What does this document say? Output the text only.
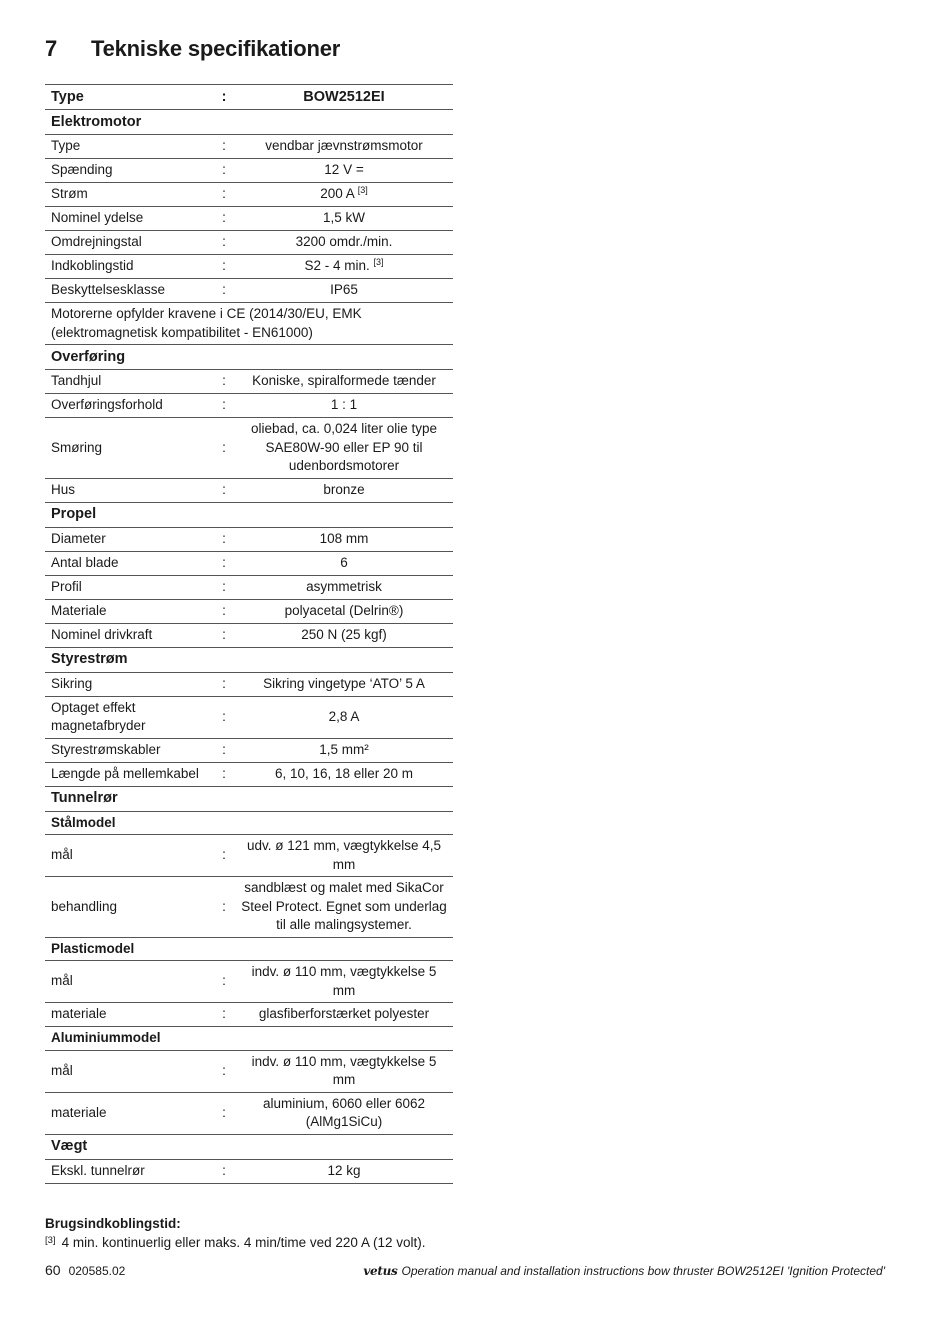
7 Tekniske specifikationer
Type	:	BOW2512EI
Elektromotor		
Type	:	vendbar jævnstrømsmotor
Spænding	:	12 V =
Strøm	:	200 A [3]
Nominel ydelse	:	1,5 kW
Omdrejningstal	:	3200 omdr./min.
Indkoblingstid	:	S2 - 4 min. [3]
Beskyttelsesklasse	:	IP65
Motorerne opfylder kravene i CE (2014/30/EU, EMK (elektromagnetisk kompatibilitet - EN61000)		
Overføring		
Tandhjul	:	Koniske, spiralformede tænder
Overføringsforhold	:	1 : 1
Smøring	:	oliebad, ca. 0,024 liter olie type SAE80W-90 eller EP 90 til udenbordsmotorer
Hus	:	bronze
Propel		
Diameter	:	108 mm
Antal blade	:	6
Profil	:	asymmetrisk
Materiale	:	polyacetal (Delrin®)
Nominel drivkraft	:	250 N (25 kgf)
Styrestrøm		
Sikring	:	Sikring vingetype ‘ATO’ 5 A
Optaget effekt magnetafbryder	:	2,8 A
Styrestrømskabler	:	1,5 mm²
Længde på mellemkabel	:	6, 10, 16, 18 eller 20 m
Tunnelrør		
Stålmodel		
mål	:	udv. ø 121 mm, vægtykkelse 4,5 mm
behandling	:	sandblæst og malet med SikaCor Steel Protect. Egnet som underlag til alle malingsystemer.
Plasticmodel		
mål	:	indv. ø 110 mm, vægtykkelse 5 mm
materiale	:	glasfiberforstærket polyester
Aluminiummodel		
mål	:	indv. ø 110 mm, vægtykkelse 5 mm
materiale	:	aluminium, 6060 eller 6062 (AlMg1SiCu)
Vægt		
Ekskl. tunnelrør	:	12 kg
Brugsindkoblingstid:
[3] 4 min. kontinuerlig eller maks. 4 min/time ved 220 A (12 volt).
60 020585.02	vetus Operation manual and installation instructions bow thruster BOW2512EI 'Ignition Protected'
